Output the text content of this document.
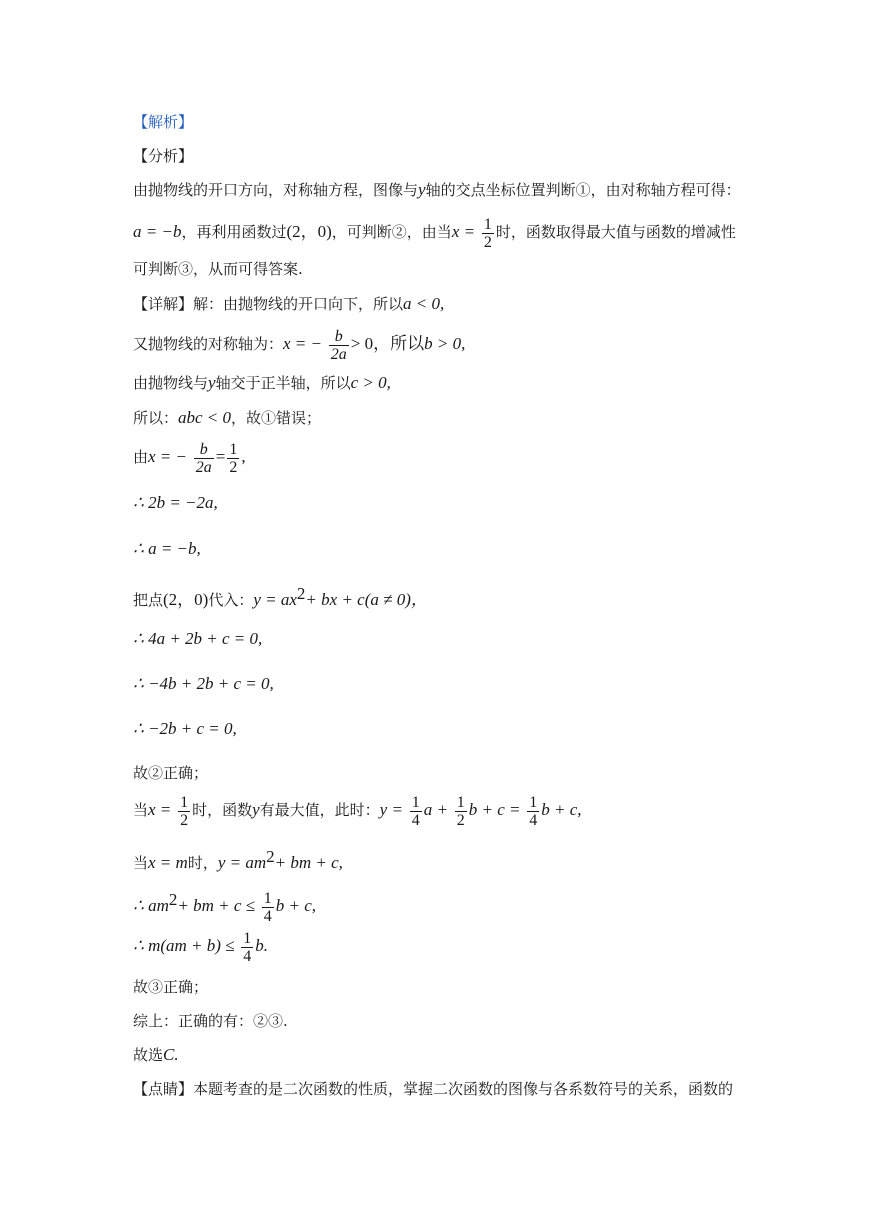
【解析】
【分析】
由抛物线的开口方向，对称轴方程，图像与y轴的交点坐标位置判断①，由对称轴方程可得：
a = −b，再利用函数过(2，0)，可判断②，由当$x = \frac{1}{2}$ 时，函数取得最大值与函数的增减性
可判断③，从而可得答案.
【详解】解：由抛物线的开口向下，所以a < 0,
又抛物线的对称轴为：x = − $\frac{b}{2a} > 0$，所以b > 0,
由抛物线与y轴交于正半轴，所以c > 0,
所以：abc < 0，故①错误；
由x = − $\frac{b}{2a} = \frac{1}{2}$ ,
∴ 2b = −2a,
∴ a = −b,
把点(2，0)代入：$y = ax^2+$ bx + c(a ≠ 0)，
∴ 4a + 2b + c = 0,
∴ −4b + 2b + c = 0,
∴ −2b + c = 0,
故②正确；
当$x = \frac{1}{2}$ 时，函数y有最大值，此时：$y = \frac{1}{4}$ $a + \frac{1}{2}$ $b + c = \frac{1}{4}$ b + c,
当x = m时，$y = am^2+$ bm + c,
∴ $am^2+$ bm + $c \le \frac{1}{4}$ b + c,
∴ $m(am + b) \le \frac{1}{4} b$.
故③正确；
综上：正确的有：②③.
故选C.
【点睛】本题考查的是二次函数的性质，掌握二次函数的图像与各系数符号的关系，函数的
